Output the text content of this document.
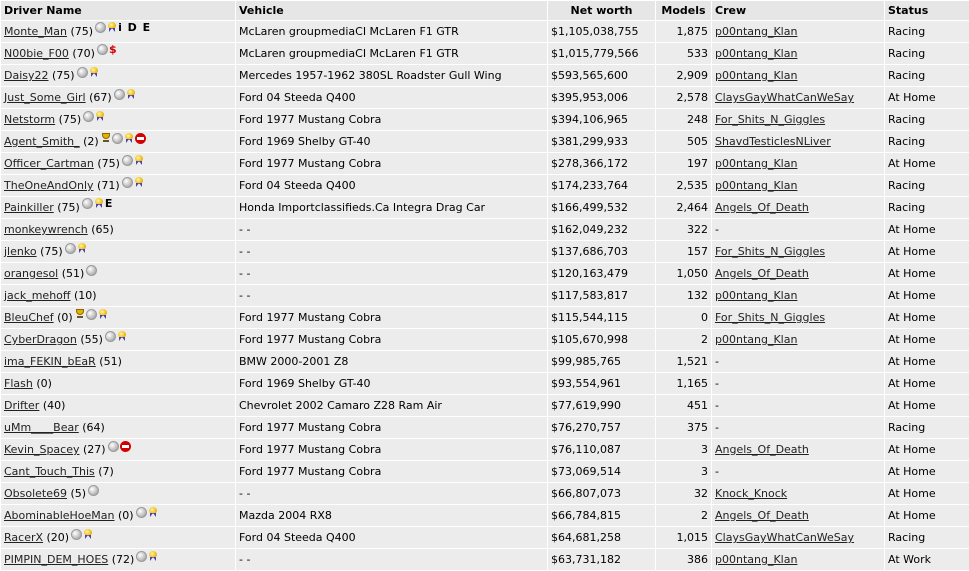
Driver Name	Vehicle	Net worth	Models	Crew	Status
Monte_Man (75) i D E	McLaren groupmediaCI McLaren F1 GTR	$1,105,038,755	1,875	p00ntang_Klan	Racing
N00bie_F00 (70) $	McLaren groupmediaCI McLaren F1 GTR	$1,015,779,566	533	p00ntang_Klan	Racing
Daisy22 (75)	Mercedes 1957-1962 380SL Roadster Gull Wing	$593,565,600	2,909	p00ntang_Klan	Racing
Just_Some_Girl (67)	Ford 04 Steeda Q400	$395,953,006	2,578	ClaysGayWhatCanWeSay	At Home
Netstorm (75)	Ford 1977 Mustang Cobra	$394,106,965	248	For_Shits_N_Giggles	Racing
Agent_Smith_ (2)	Ford 1969 Shelby GT-40	$381,299,933	505	ShavdTesticlesNLiver	Racing
Officer_Cartman (75)	Ford 1977 Mustang Cobra	$278,366,172	197	p00ntang_Klan	At Home
TheOneAndOnly (71)	Ford 04 Steeda Q400	$174,233,764	2,535	p00ntang_Klan	Racing
Painkiller (75) E	Honda Importclassifieds.Ca Integra Drag Car	$166,499,532	2,464	Angels_Of_Death	Racing
monkeywrench (65)	- -	$162,049,232	322	-	At Home
jlenko (75)	- -	$137,686,703	157	For_Shits_N_Giggles	At Home
orangesol (51)	- -	$120,163,479	1,050	Angels_Of_Death	At Home
jack_mehoff (10)	- -	$117,583,817	132	p00ntang_Klan	At Home
BleuChef (0)	Ford 1977 Mustang Cobra	$115,544,115	0	For_Shits_N_Giggles	At Home
CyberDragon (55)	Ford 1977 Mustang Cobra	$105,670,998	2	p00ntang_Klan	At Home
ima_FEKIN_bEaR (51)	BMW 2000-2001 Z8	$99,985,765	1,521	-	At Home
Flash (0)	Ford 1969 Shelby GT-40	$93,554,961	1,165	-	At Home
Drifter (40)	Chevrolet 2002 Camaro Z28 Ram Air	$77,619,990	451	-	At Home
uMm____Bear (64)	Ford 1977 Mustang Cobra	$76,270,757	375	-	Racing
Kevin_Spacey (27)	Ford 1977 Mustang Cobra	$76,110,087	3	Angels_Of_Death	At Home
Cant_Touch_This (7)	Ford 1977 Mustang Cobra	$73,069,514	3	-	At Home
Obsolete69 (5)	- -	$66,807,073	32	Knock_Knock	At Home
AbominableHoeMan (0)	Mazda 2004 RX8	$66,784,815	2	Angels_Of_Death	At Home
RacerX (20)	Ford 04 Steeda Q400	$64,681,258	1,015	ClaysGayWhatCanWeSay	Racing
PIMPIN_DEM_HOES (72)	- -	$63,731,182	386	p00ntang_Klan	At Work
